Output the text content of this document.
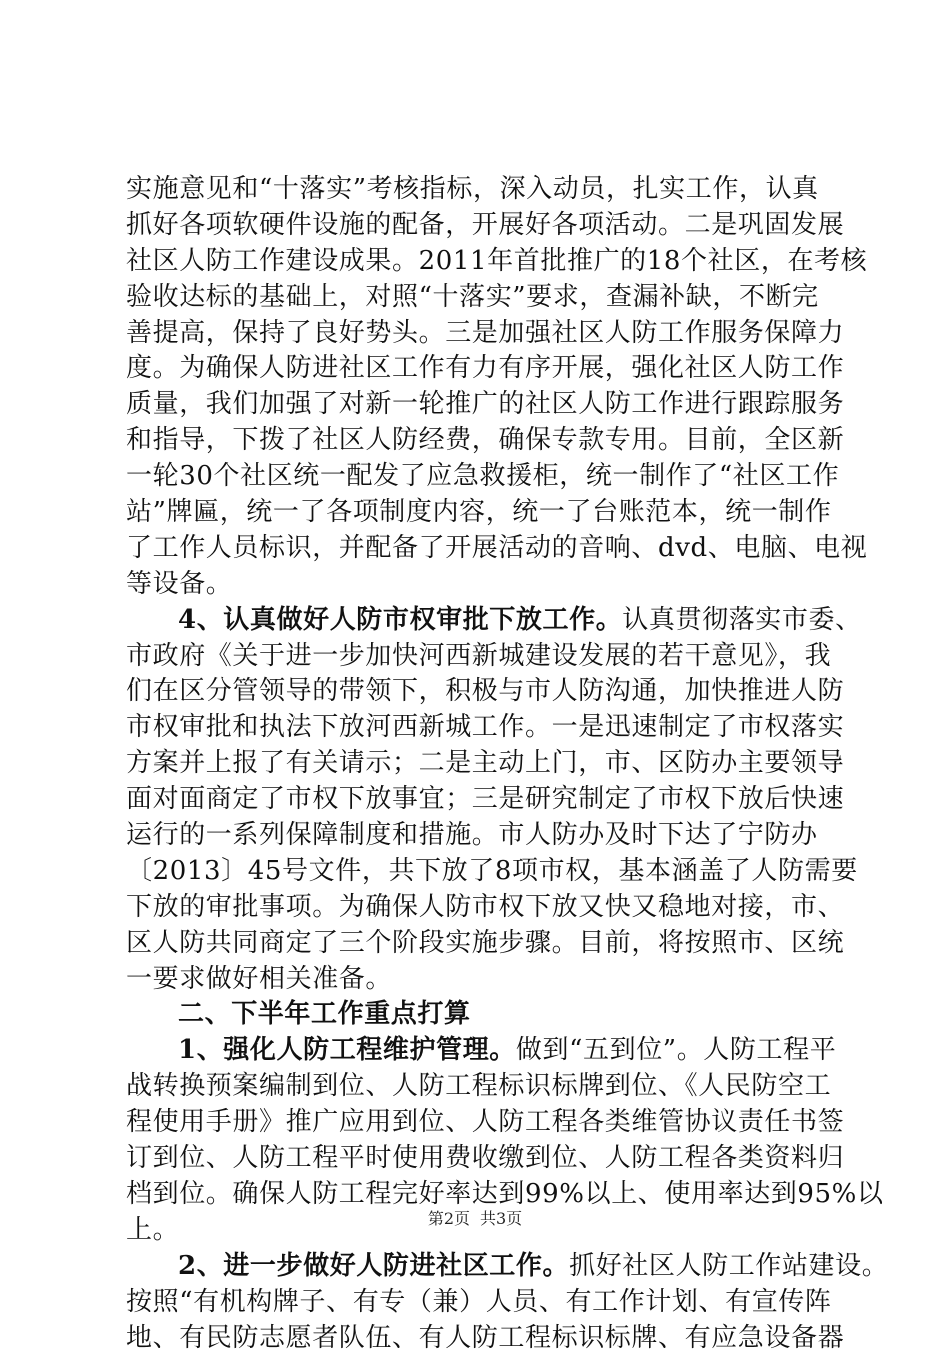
实施意见和“十落实”考核指标，深入动员，扎实工作，认真
抓好各项软硬件设施的配备，开展好各项活动。二是巩固发展
社区人防工作建设成果。2011年首批推广的18个社区，在考核
验收达标的基础上，对照“十落实”要求，查漏补缺，不断完
善提高，保持了良好势头。三是加强社区人防工作服务保障力
度。为确保人防进社区工作有力有序开展，强化社区人防工作
质量，我们加强了对新一轮推广的社区人防工作进行跟踪服务
和指导，下拨了社区人防经费，确保专款专用。目前，全区新
一轮30个社区统一配发了应急救援柜，统一制作了“社区工作
站”牌匾，统一了各项制度内容，统一了台账范本，统一制作
了工作人员标识，并配备了开展活动的音响、dvd、电脑、电视
等设备。
4、认真做好人防市权审批下放工作。认真贯彻落实市委、
市政府《关于进一步加快河西新城建设发展的若干意见》，我
们在区分管领导的带领下，积极与市人防沟通，加快推进人防
市权审批和执法下放河西新城工作。一是迅速制定了市权落实
方案并上报了有关请示；二是主动上门，市、区防办主要领导
面对面商定了市权下放事宜；三是研究制定了市权下放后快速
运行的一系列保障制度和措施。市人防办及时下达了宁防办
〔2013〕45号文件，共下放了8项市权，基本涵盖了人防需要
下放的审批事项。为确保人防市权下放又快又稳地对接，市、
区人防共同商定了三个阶段实施步骤。目前，将按照市、区统
一要求做好相关准备。
二、下半年工作重点打算
1、强化人防工程维护管理。做到“五到位”。人防工程平
战转换预案编制到位、人防工程标识标牌到位、《人民防空工
程使用手册》推广应用到位、人防工程各类维管协议责任书签
订到位、人防工程平时使用费收缴到位、人防工程各类资料归
档到位。确保人防工程完好率达到99%以上、使用率达到95%以
上。
2、进一步做好人防进社区工作。抓好社区人防工作站建设。
按照“有机构牌子、有专（兼）人员、有工作计划、有宣传阵
地、有民防志愿者队伍、有人防工程标识标牌、有应急设备器
第2页 共3页
